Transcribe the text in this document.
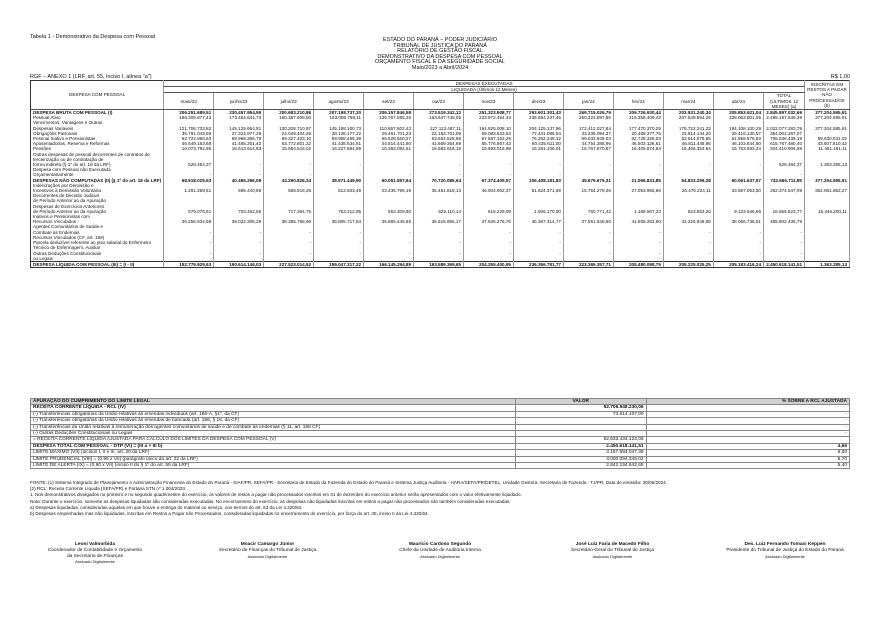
Tabela 1 - Demonstrativo da Despesa com Pessoal	ESTADO DO PARANÁ – PODER JUDICIÁRIO
TRIBUNAL DE JUSTIÇA DO PARANÁ
RELATÓRIO DE GESTÃO FISCAL
DEMONSTRATIVO DA DESPESA COM PESSOAL
ORÇAMENTO FISCAL E DA SEGURIDADE SOCIAL
Maio/2023 a Abril/2024
RGF – ANEXO 1 (LRF, art. 55, inciso I, alínea "a")	R$ 1,00
DESPESA COM PESSOAL	DESPESAS EXECUTADAS													INSCRITAS EM RESTOS A PAGAR NÃO PROCESSADOS (b)
	LIQUIDADA (Últimos 12 Meses)													
	maio/23	junho/23	julho/23	agosto/23	set/23	out/23	nov/23	dez/23	jan/24	fev/24	mar/24	abr/24	TOTAL (ÚLTIMOS 12 MESES) (a)	
DESPESA BRUTA COM PESSOAL (I)	206.251.689,51	230.457.954,59	200.683.210,86	207.198.737,20	206.157.846,58	273.519.342,12	251.323.508,77	293.601.301,43	269.715.026,79	206.726.930,44	203.531.240,34	205.853.621,04	2.845.897.032,69	377.204.595,91
Pessoal Ativo	188.309.877,43	173.454.641,73	160.367.608,50	163.086.768,11	136.767.585,26	163.647.745,05	223.972.454,43	236.694.237,46	250.323.897,85	216.358.409,43	207.549.554,26	228.063.801,05	2.485.197.646,39	377.204.595,91
Vencimentos, Vantagens e Outras														
Despesas Variáveis	121.706.733,82	145.129.664,51	130.208.710,97	145.198.100,73	110.867.602,43	127.113.487,11	164.925.008,10	204.125.137,96	172.412.027,84	177.470.370,29	178.722.241,23	194.108.100,29	2.022.077.283,79	377.204.595,91
Obrigações Patronais	36.791.043,59	27.324.977,28	24.049.404,26	28.136.177,22	29.461.701,23	22.183.701,09	59.083.633,53	77.441.096,54	33.236.094,37	20.488.377,76	23.814.144,20	29.416.130,57	364.002.267,07	
Pessoal Inativo e Pensionistas	62.722.956,63	69.966.356,79	69.327.403,10	69.968.468,39	65.528.560,27	63.662.528,56	67.687.162,29	76.253.249,12	69.032.949,03	62.728.326,03	63.614.079,85	61.958.576,63	765.636.436,19	59.630.031,02
Aposentadorias, Reserva e Reformas	46.649.163,68	41.465.201,43	63.772.801,22	41.436.634,61	44.814.441,80	41.669.354,69	65.776.867,43	60.435.611,00	44.754.388,96	46.503.126,61	46.811.448,66	46.103.644,60	615.767.480,40	43.607.610,42
Pensões	16.073.792,95	16.613.914,63	15.554.516,02	16.227.864,89	16.383.094,51	16.583.916,16	16.693.016,99	16.281.106,01	16.767.870,57	16.405.674,64	16.466.353,64	15.763.593,24	204.410.906,58	11.461.161,11
Outras despesas de pessoal decorrentes de contratos de														
terceirização ou de contratação de														
forma indireta (§ 1º do art. 18 da LRF)	528.484,37	-	-	-	-	-	-	-	-	-	-	-	528.484,37	1.363.285,13
Despesa com Pessoal não Executada														
Orçamentariamente	-	-	-	-	-	-	-	-	-	-	-	-	-	
DESPESAS NÃO COMPUTADAS (II) (§ 1º do art. 19 da LRF)	68.918.029,53	40.465.266,08	43.290.826,34	38.671.449,90	60.051.557,64	70.720.089,64	67.374.409,57	106.408.181,83	45.679.679,31	21.066.831,85	64.833.299,28	60.061.637,57	742.665.711,85	377.204.595,91
Indenizações por Demissão e														
Incentivos à Demissão Voluntária	1.261.259,51	695.440,89	566.816,26	512.503,49	23.436.796,19	35.451.818,13	46.504.962,37	51.624.371,69	15.754.279,26	27.053.955,66	26.476.224,11	33.597.063,50	262.374.547,09	362.051.853,27
Decorrentes de Decisão Judicial														
de Período Anterior ao da Apuração														
Despesas de Exercícios Anteriores														
de Período Anterior ao da Apuração	579.076,51	703.462,56	717.384,75	753.312,95	653.309,80	625.110,14	616.229,09	1.506.170,00	760.771,42	1.189.567,23	523.553,20	9.133.645,66	16.655.523,77	15.446.200,11
Inativos e Pensionistas com														
Recursos Vinculados	36.258.934,68	39.022.305,29	38.385.766,96	36.805.717,84	35.865.445,65	36.515.855,17	37.636.276,76	36.367.314,77	37.551.528,60	41.655.253,90	43.225.949,58	38.066.738,51	465.802.436,79	
Agentes Comunitários de Saúde e														
Combate às Endemias	-	-	-	-	-	-	-	-	-	-	-	-	-	
Recursos Vinculados (CF, art. 198)														
Parcela deduzível referente ao piso salarial do Enfermeiro	-	-	-	-	-	-	-	-	-	-	-	-	-	
Técnico de Enfermagem, Auxiliar														
Outras Deduções Constitucionais	-	-	-	-	-	-	-	-	-	-	-	-	-	
ou Legais														
DESPESA LÍQUIDA COM PESSOAL (III) = (I - II)	152.779.929,63	190.614.146,03	227.523.014,52	159.047.317,22	166.145.294,89	193.589.369,65	204.255.400,95	236.356.781,77	223.369.357,71	205.480.098,75	205.225.025,25	205.183.416,24	2.450.618.141,51	1.363.285,13
APURAÇÃO DO CUMPRIMENTO DO LIMITE LEGAL	VALOR	% SOBRE A RCL AJUSTADA
RECEITA CORRENTE LÍQUIDA - RCL (IV)	52.706.948.230,06	
(-) Transferências obrigatórias da União relativas às emendas individuais (art. 166-A, §1º, da CF)	73.514.107,00	-
(-) Transferências obrigatórias da União relativas às emendas de bancada (art. 166, § 16, da CF)		-
(-) Transferências da União relativas à remuneração dos agentes comunitários de saúde e de combate às endemias (§ 11, art. 198 CF)		-
(-) Outras Deduções Constitucionais ou Legais		-
= RECEITA CORRENTE LÍQUIDA AJUSTADA PARA CÁLCULO DOS LIMITES DA DESPESA COM PESSOAL (V)	52.633.434.123,06	
DESPESA TOTAL COM PESSOAL - DTP (VI) = (III a + III b)	2.450.618.141,51	4,66
LIMITE MÁXIMO (VII) (incisos I, II e III, art. 20 da LRF)	3.157.994.047,39	6,00
LIMITE PRUDENCIAL (VIII) = (0,95 x VII) (parágrafo único do art. 22 da LRF)	3.000.094.345,02	5,70
LIMITE DE ALERTA (IX) = (0,90 x VII) (inciso II do § 1º do art. 59 da LRF)	2.842.194.642,65	5,40

FONTE: (1) Sistema Integrado de Planejamento e Administração Financeira do Estado do Paraná - SIAF/PR, SEFA/PR - Secretaria de Estado da Fazenda do Estado do Paraná e Sistema Justiça Auditoria - HARA/SEFA/PR/DETEL, Unidade Gestora: Secretaria de Fazenda - TJ/PR, Data de emissão: 30/05/2024.

(2) RCL: Receita Corrente Líquida (SEFA/PR) e Portaria STN nº 1.004/2023.

1. Nos demonstrativos divulgados no primeiro e no segundo quadrimestre do exercício, os valores de restos a pagar não processados inscritos em 31 de dezembro do exercício anterior serão apresentados com o valor efetivamente liquidado.

Nota: Durante o exercício, somente as despesas liquidadas são consideradas executadas. No encerramento do exercício, as despesas não liquidadas inscritas em restos a pagar não processados são também consideradas executadas.

a) Despesas liquidadas, consideradas aquelas em que houve a entrega do material ou serviço, nos termos do art. 63 da Lei 4.320/64.

b) Despesas empenhadas mas não liquidadas, inscritas em Restos a Pagar não Processados, consideradas liquidadas no encerramento do exercício, por força do art. 35, inciso II da Lei 4.320/64.

Leoni Valmorbida
Coordenador de Contabilidade e Orçamento
da Secretaria de Finanças
Assinado Digitalmente
Moacir Camargo Júnior
Secretário de Finanças do Tribunal de Justiça
Assinado Digitalmente
Maurício Cardoso Segundo
Chefe da Unidade de Auditoria Interna
Assinado Digitalmente
José Luiz Faria de Macedo Filho
Secretário-Geral do Tribunal de Justiça
Assinado Digitalmente
Des. Luiz Fernando Tomasi Keppen
Presidente do Tribunal de Justiça do Estado do Paraná
Assinado Digitalmente
